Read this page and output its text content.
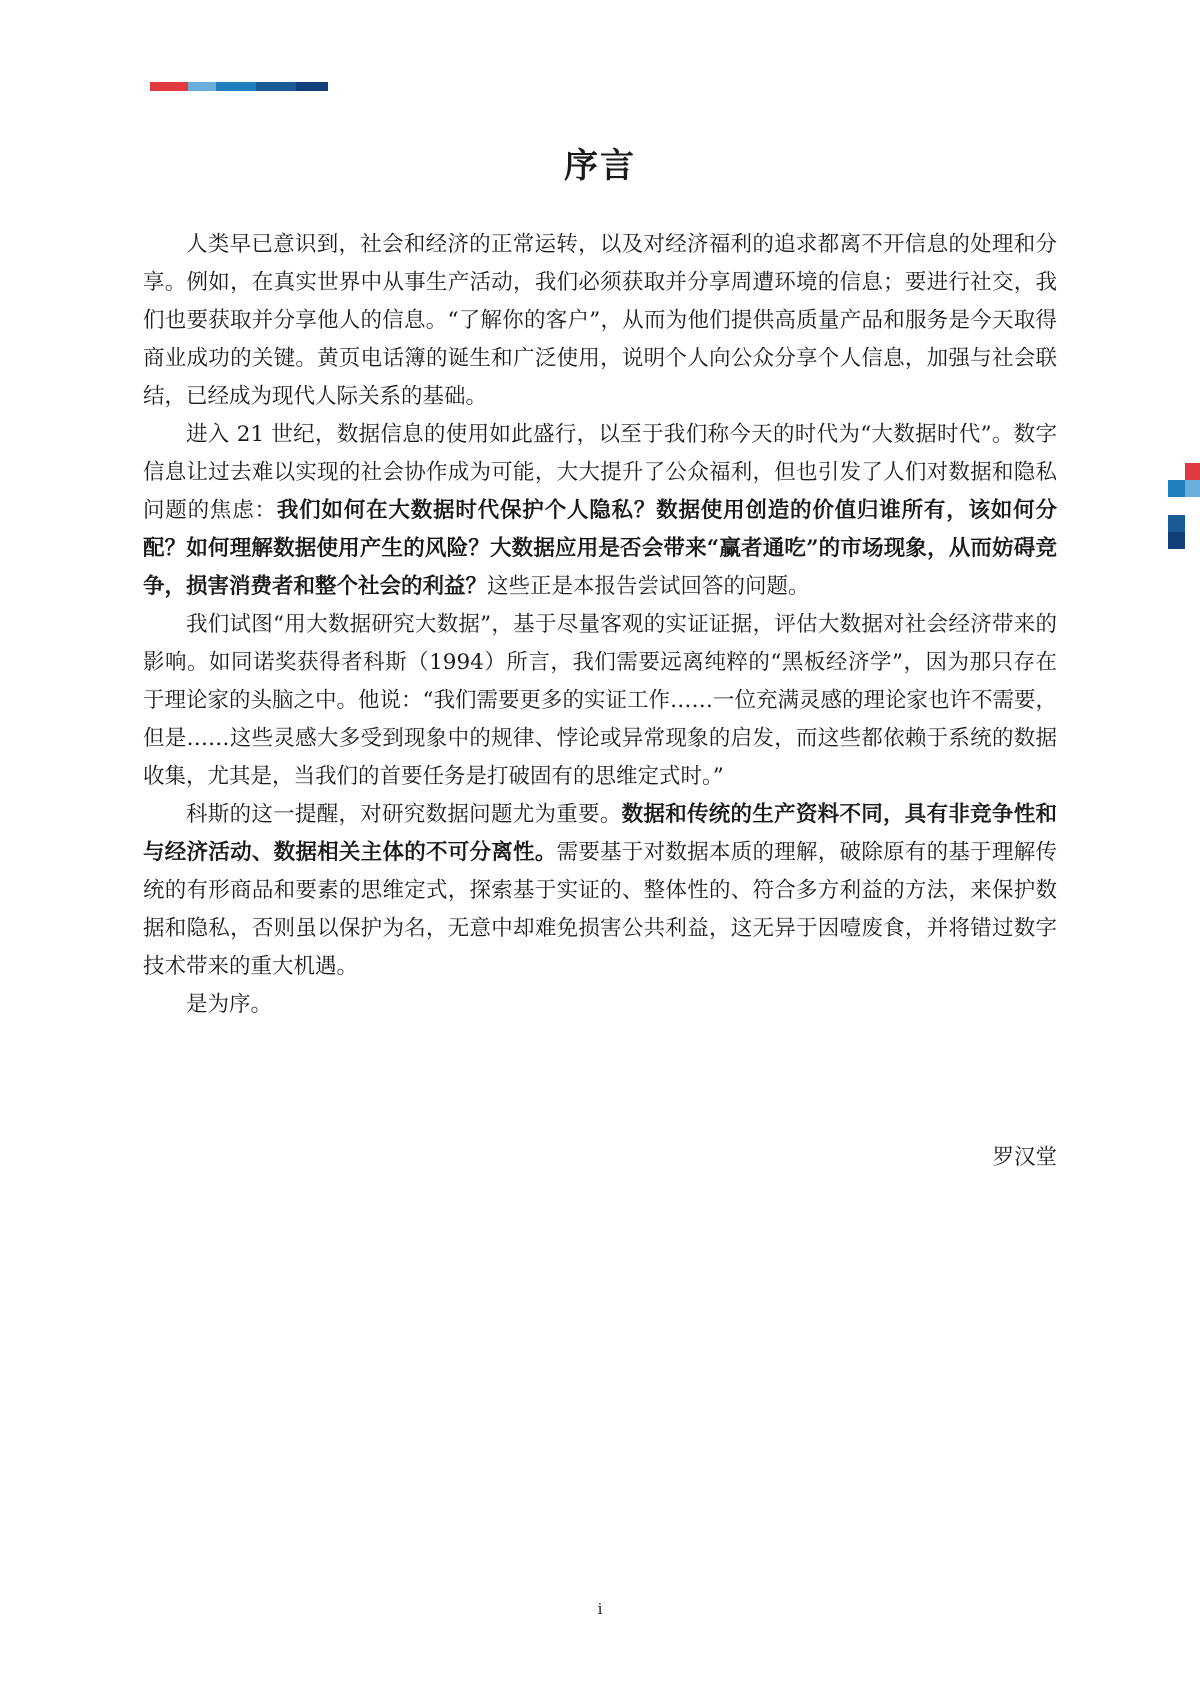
序言

人类早已意识到，社会和经济的正常运转，以及对经济福利的追求都离不开信息的处理和分享。例如，在真实世界中从事生产活动，我们必须获取并分享周遭环境的信息；要进行社交，我们也要获取并分享他人的信息。“了解你的客户”，从而为他们提供高质量产品和服务是今天取得商业成功的关键。黄页电话簿的诞生和广泛使用，说明个人向公众分享个人信息，加强与社会联结，已经成为现代人际关系的基础。

进入 21 世纪，数据信息的使用如此盛行，以至于我们称今天的时代为“大数据时代”。数字信息让过去难以实现的社会协作成为可能，大大提升了公众福利，但也引发了人们对数据和隐私问题的焦虑：我们如何在大数据时代保护个人隐私？数据使用创造的价值归谁所有，该如何分配？如何理解数据使用产生的风险？大数据应用是否会带来“赢者通吃”的市场现象，从而妨碍竞争，损害消费者和整个社会的利益？这些正是本报告尝试回答的问题。

我们试图“用大数据研究大数据”，基于尽量客观的实证证据，评估大数据对社会经济带来的影响。如同诺奖获得者科斯（1994）所言，我们需要远离纯粹的“黑板经济学”，因为那只存在于理论家的头脑之中。他说：“我们需要更多的实证工作……一位充满灵感的理论家也许不需要，但是……这些灵感大多受到现象中的规律、悖论或异常现象的启发，而这些都依赖于系统的数据收集，尤其是，当我们的首要任务是打破固有的思维定式时。”

科斯的这一提醒，对研究数据问题尤为重要。数据和传统的生产资料不同，具有非竞争性和与经济活动、数据相关主体的不可分离性。需要基于对数据本质的理解，破除原有的基于理解传统的有形商品和要素的思维定式，探索基于实证的、整体性的、符合多方利益的方法，来保护数据和隐私，否则虽以保护为名，无意中却难免损害公共利益，这无异于因噎废食，并将错过数字技术带来的重大机遇。

是为序。

罗汉堂

i
